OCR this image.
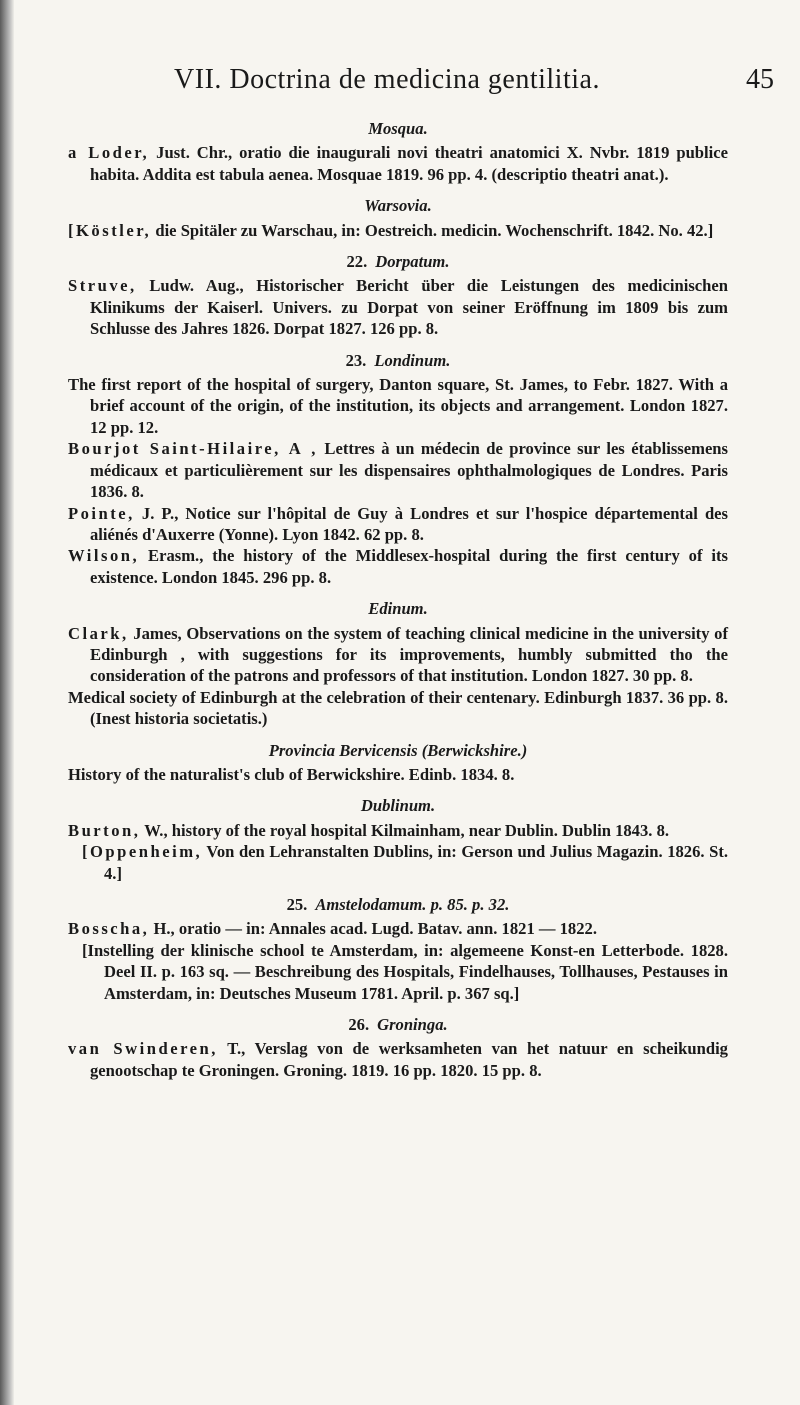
VII. Doctrina de medicina gentilitia.	45
Mosqua.

a Loder, Just. Chr., oratio die inaugurali novi theatri anatomici X. Nvbr. 1819 publice habita. Addita est tabula aenea. Mosquae 1819. 96 pp. 4. (descriptio theatri anat.).

Warsovia.

[Köstler, die Spitäler zu Warschau, in: Oestreich. medicin. Wochenschrift. 1842. No. 42.]

22. Dorpatum.

Struve, Ludw. Aug., Historischer Bericht über die Leistungen des medicinischen Klinikums der Kaiserl. Univers. zu Dorpat von seiner Eröffnung im 1809 bis zum Schlusse des Jahres 1826. Dorpat 1827. 126 pp. 8.

23. Londinum.

The first report of the hospital of surgery, Danton square, St. James, to Febr. 1827. With a brief account of the origin, of the institution, its objects and arrangement. London 1827. 12 pp. 12.

Bourjot Saint-Hilaire, A , Lettres à un médecin de province sur les établissemens médicaux et particulièrement sur les dispensaires ophthalmologiques de Londres. Paris 1836. 8.

Pointe, J. P., Notice sur l'hôpital de Guy à Londres et sur l'hospice départemental des aliénés d'Auxerre (Yonne). Lyon 1842. 62 pp. 8.

Wilson, Erasm., the history of the Middlesex-hospital during the first century of its existence. London 1845. 296 pp. 8.

Edinum.

Clark, James, Observations on the system of teaching clinical medicine in the university of Edinburgh , with suggestions for its improvements, humbly submitted tho the consideration of the patrons and professors of that institution. London 1827. 30 pp. 8.

Medical society of Edinburgh at the celebration of their centenary. Edinburgh 1837. 36 pp. 8. (Inest historia societatis.)

Provincia Bervicensis (Berwickshire.)

History of the naturalist's club of Berwickshire. Edinb. 1834. 8.

Dublinum.

Burton, W., history of the royal hospital Kilmainham, near Dublin. Dublin 1843. 8.

[Oppenheim, Von den Lehranstalten Dublins, in: Gerson und Julius Magazin. 1826. St. 4.]

25. Amstelodamum. p. 85. p. 32.

Bosscha, H., oratio — in: Annales acad. Lugd. Batav. ann. 1821 — 1822.

[Instelling der klinische school te Amsterdam, in: algemeene Konst-en Letterbode. 1828. Deel II. p. 163 sq. — Beschreibung des Hospitals, Findelhauses, Tollhauses, Pestauses in Amsterdam, in: Deutsches Museum 1781. April. p. 367 sq.]

26. Groninga.

van Swinderen, T., Verslag von de werksamheten van het natuur en scheikundig genootschap te Groningen. Groning. 1819. 16 pp. 1820. 15 pp. 8.
